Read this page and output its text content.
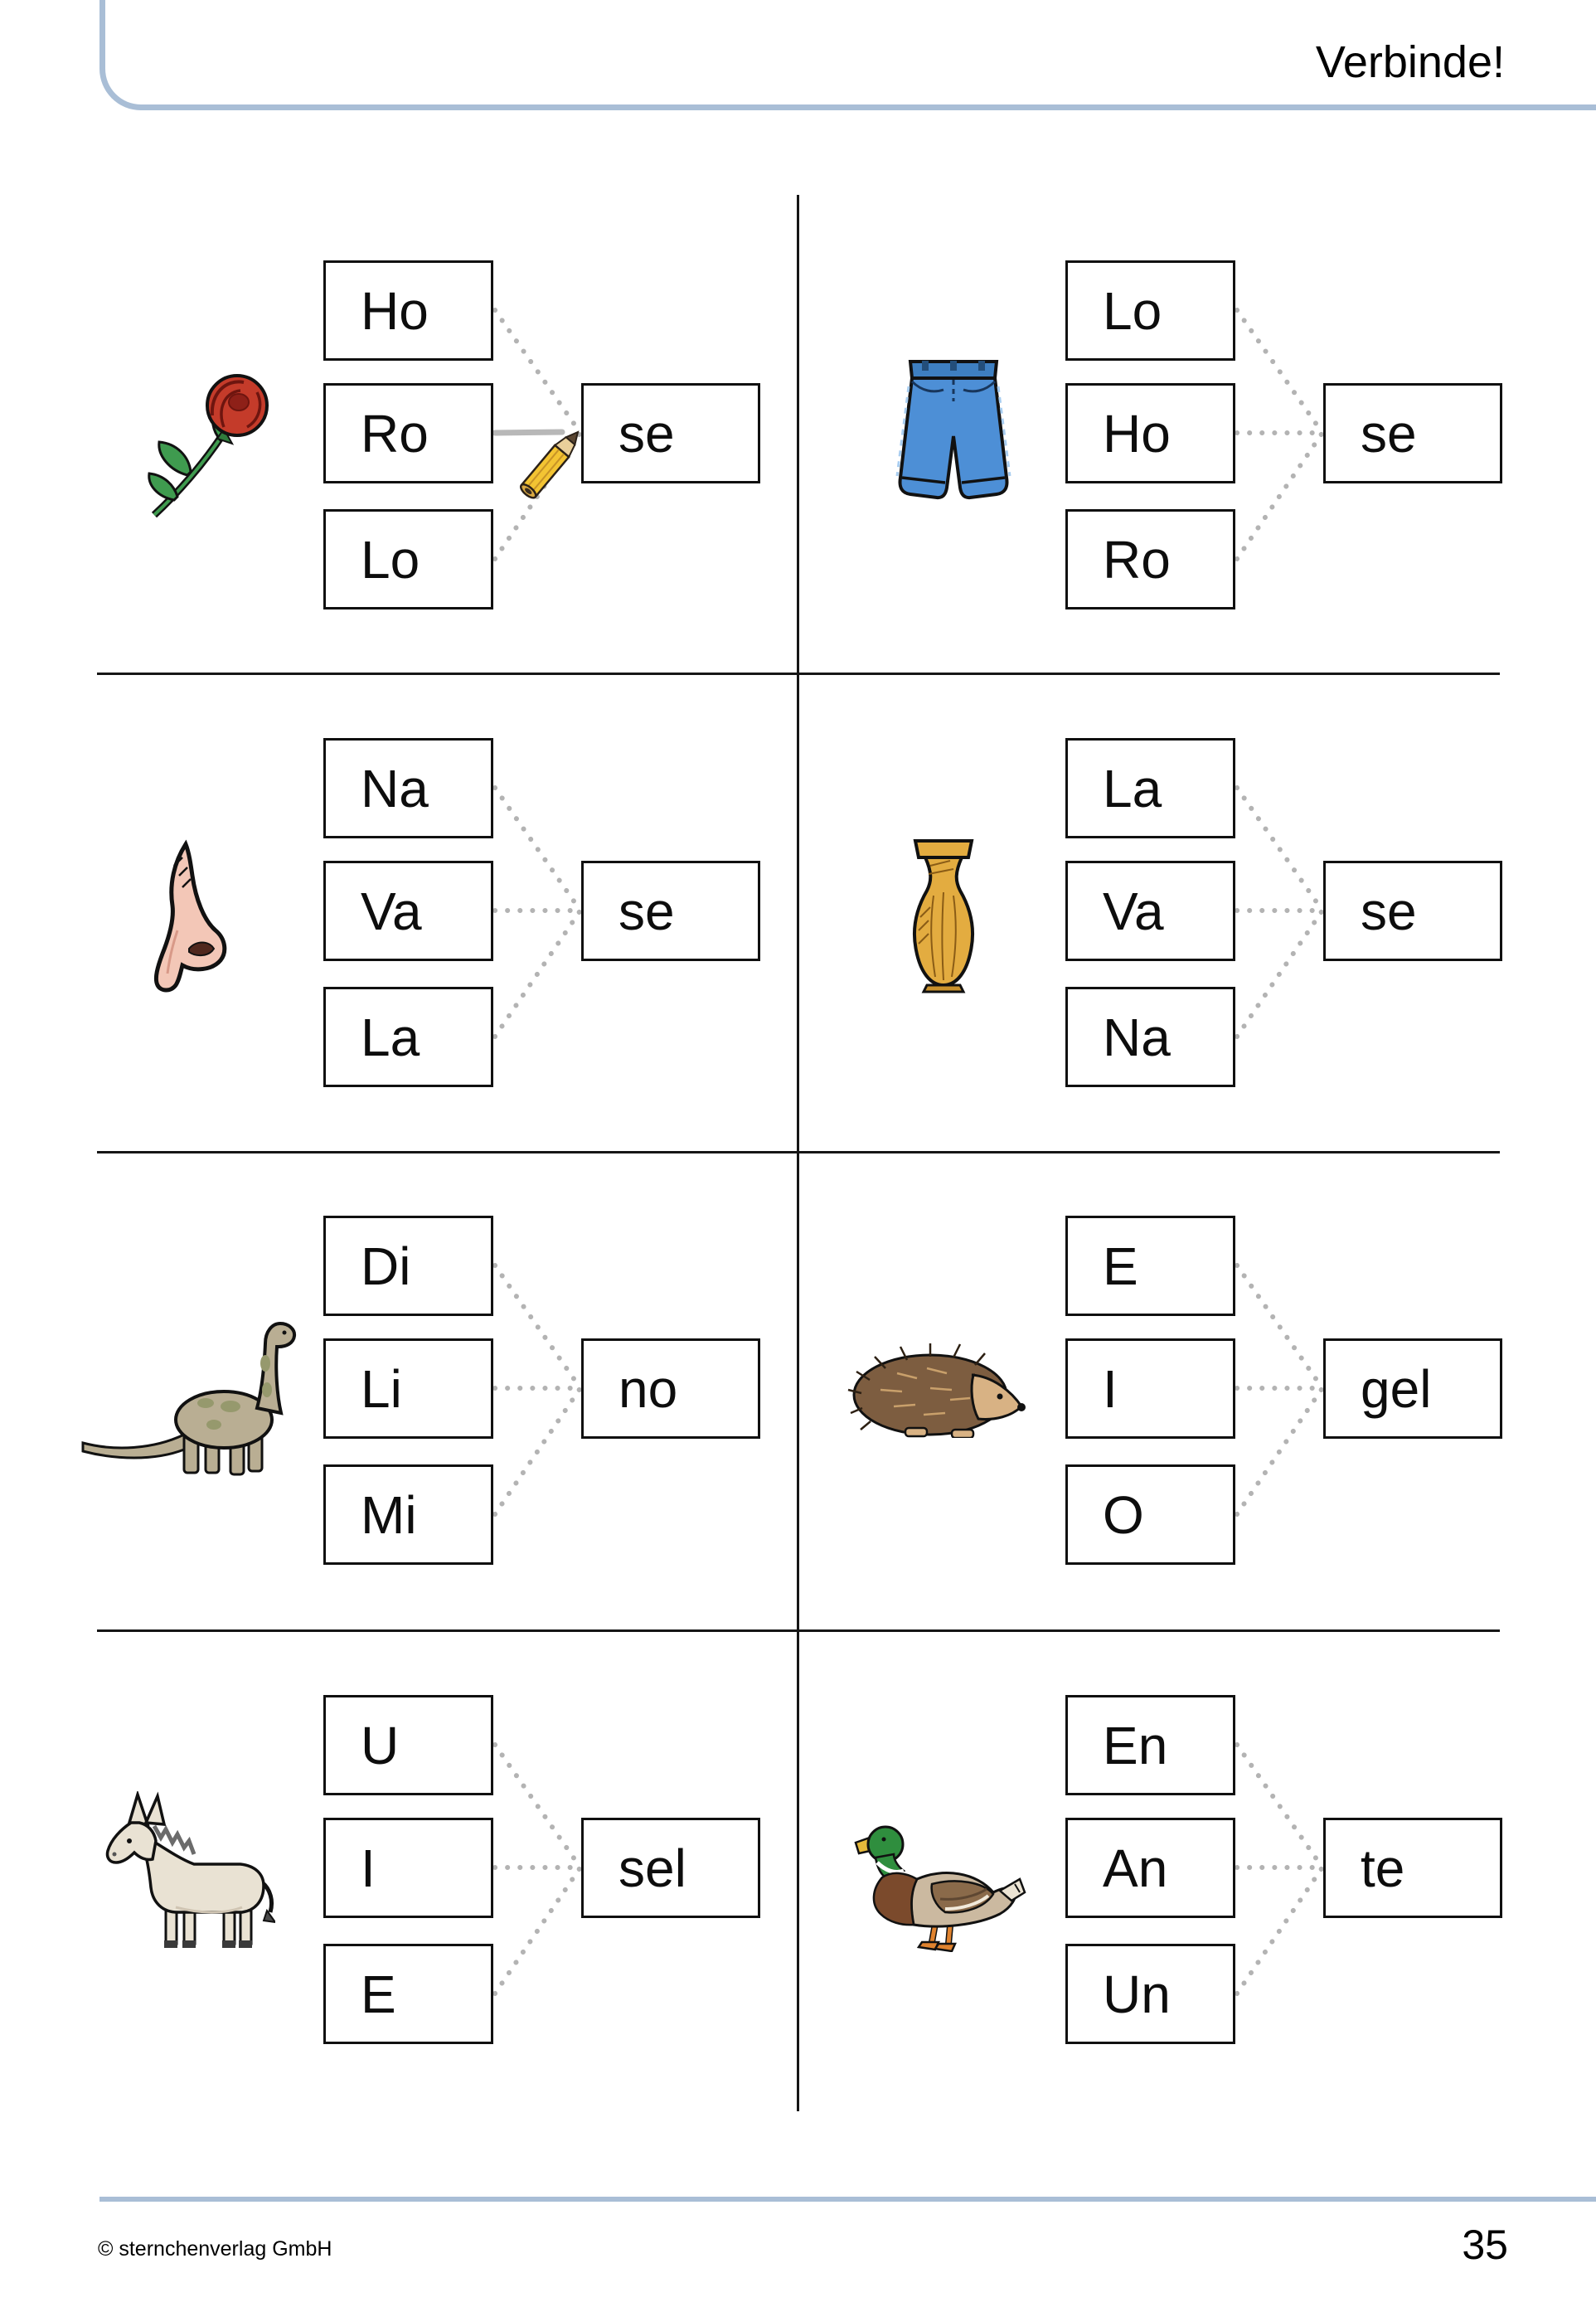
Verbinde!
Ho
Ro
Lo
se
Lo
Ho
Ro
se
Na
Va
La
se
La
Va
Na
se
Di
Li
Mi
no
E
I
O
gel
U
I
E
sel
En
An
Un
te
© sternchenverlag GmbH	35
